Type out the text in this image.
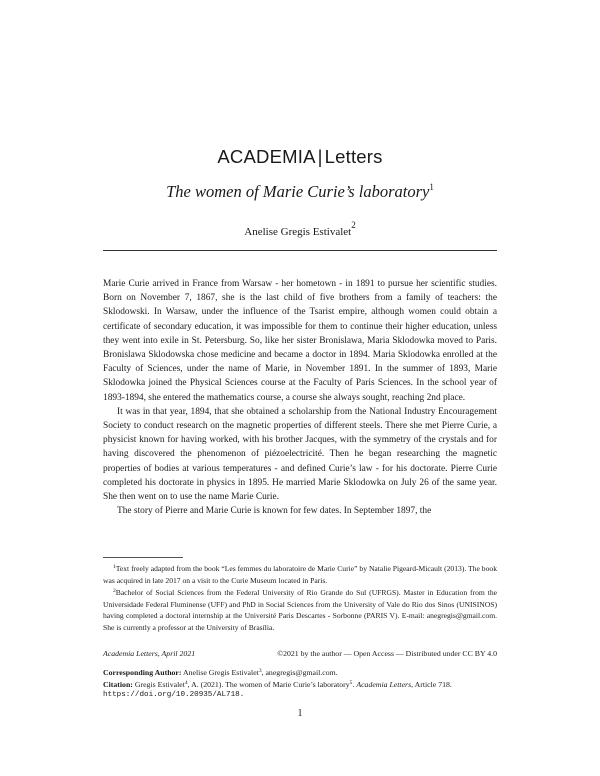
ACADEMIA | Letters
The women of Marie Curie’s laboratory$^1$
Anelise Gregis Estivalet$^2$

Marie Curie arrived in France from Warsaw - her hometown - in 1891 to pursue her scientific studies. Born on November 7, 1867, she is the last child of five brothers from a family of teachers: the Sklodowski. In Warsaw, under the influence of the Tsarist empire, although women could obtain a certificate of secondary education, it was impossible for them to continue their higher education, unless they went into exile in St. Petersburg. So, like her sister Bronislawa, Maria Sklodowka moved to Paris. Bronislawa Sklodowska chose medicine and became a doctor in 1894. Maria Sklodowka enrolled at the Faculty of Sciences, under the name of Marie, in November 1891. In the summer of 1893, Marie Sklodowka joined the Physical Sciences course at the Faculty of Paris Sciences. In the school year of 1893-1894, she entered the mathematics course, a course she always sought, reaching 2nd place.

It was in that year, 1894, that she obtained a scholarship from the National Industry Encouragement Society to conduct research on the magnetic properties of different steels. There she met Pierre Curie, a physicist known for having worked, with his brother Jacques, with the symmetry of the crystals and for having discovered the phenomenon of piézoelectricité. Then he began researching the magnetic properties of bodies at various temperatures - and defined Curie’s law - for his doctorate. Pierre Curie completed his doctorate in physics in 1895. He married Marie Sklodowka on July 26 of the same year. She then went on to use the name Marie Curie.

The story of Pierre and Marie Curie is known for few dates. In September 1897, the

$^1$Text freely adapted from the book “Les femmes du laboratoire de Marie Curie” by Natalie Pigeard-Micault (2013). The book was acquired in late 2017 on a visit to the Curie Museum located in Paris.

$^2$Bachelor of Social Sciences from the Federal University of Rio Grande do Sul (UFRGS). Master in Education from the Universidade Federal Fluminense (UFF) and PhD in Social Sciences from the University of Vale do Rio dos Sinos (UNISINOS) having completed a doctoral internship at the Université Paris Descartes - Sorbonne (PARIS V). E-mail: anegregis@gmail.com. She is currently a professor at the University of Brasília.

Academia Letters, April 2021	©2021 by the author — Open Access — Distributed under CC BY 4.0
Corresponding Author: Anelise Gregis Estivalet$^3$, anegregis@gmail.com.
Citation: Gregis Estivalet$^4$, A. (2021). The women of Marie Curie’s laboratory$^5$. Academia Letters, Article 718.
https://doi.org/10.20935/AL718.
1
